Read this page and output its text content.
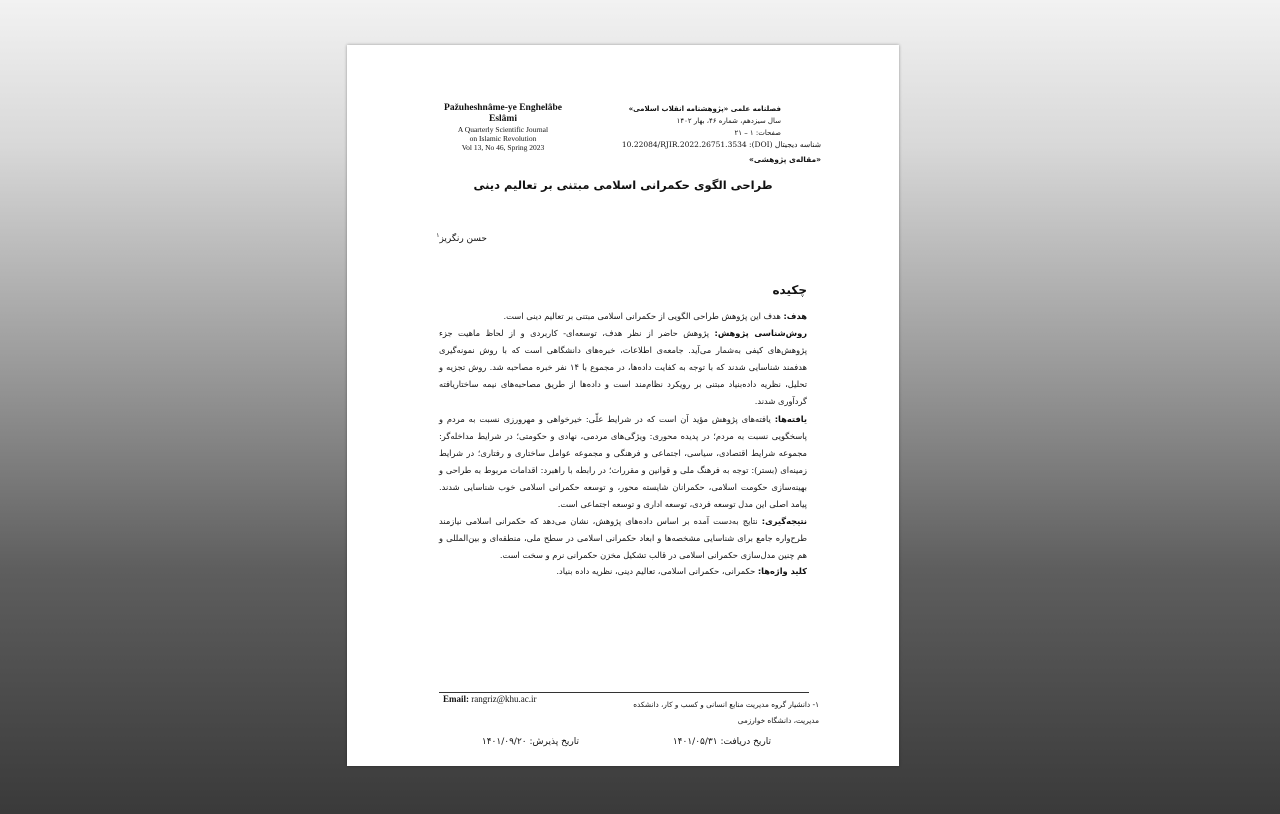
Pažuheshnâme-ye Enghelâbe Eslâmi
A Quarterly Scientific Journal
on Islamic Revolution
Vol 13, No 46, Spring 2023
فصلنامه علمی «پژوهشنامه انقلاب اسلامی»
سال سیزدهم، شماره ۴۶، بهار ۱۴۰۲
صفحات: ۱ – ۲۱
شناسه دیجیتال (DOI): 10.22084/RJIR.2022.26751.3534
«مقاله‌ی پژوهشی»
طراحی الگوی حکمرانی اسلامی مبتنی بر تعالیم دینی
حسن رنگریز$^۱$
چکیده

هدف: هدف این پژوهش طراحی الگویی از حکمرانی اسلامی مبتنی بر تعالیم دینی است.

روش‌شناسی پژوهش: پژوهش حاضر از نظر هدف، توسعه‌ای- کاربردی و از لحاظ ماهیت جزء پژوهش‌های کیفی به‌شمار می‌آید. جامعه‌ی اطلاعات، خبره‌های دانشگاهی است که با روش نمونه‌گیری هدفمند شناسایی شدند که با توجه به کفایت داده‌ها، در مجموع با ۱۴ نفر خبره مصاحبه شد. روش تجزیه و تحلیل، نظریه داده‌بنیاد مبتنی بر رویکرد نظام‌مند است و داده‌ها از طریق مصاحبه‌های نیمه ساختاریافته گردآوری شدند.

یافته‌ها: یافته‌های پژوهش مؤید آن است که در شرایط علّی: خیرخواهی و مهرورزی نسبت به مردم و پاسخگویی نسبت به مردم؛ در پدیده محوری: ویژگی‌های مردمی، نهادی و حکومتی؛ در شرایط مداخله‌گر: مجموعه شرایط اقتصادی، سیاسی، اجتماعی و فرهنگی و مجموعه عوامل ساختاری و رفتاری؛ در شرایط زمینه‌ای (بستر): توجه به فرهنگ ملی و قوانین و مقررات؛ در رابطه با راهبرد: اقدامات مربوط به طراحی و بهینه‌سازی حکومت اسلامی، حکمرانان شایسته محور، و توسعه حکمرانی اسلامی خوب شناسایی شدند. پیامد اصلی این مدل توسعه فردی، توسعه اداری و توسعه اجتماعی است.

نتیجه‌گیری: نتایج به‌دست آمده بر اساس داده‌های پژوهش، نشان می‌دهد که حکمرانی اسلامی نیازمند طرح‌واره جامع برای شناسایی مشخصه‌ها و ابعاد حکمرانی اسلامی در سطح ملی، منطقه‌ای و بین‌المللی و هم چنین مدل‌سازی حکمرانی اسلامی در قالب تشکیل مخزن حکمرانی نرم و سخت است.

کلید واژه‌ها: حکمرانی، حکمرانی اسلامی، تعالیم دینی، نظریه داده بنیاد.
Email: rangriz@khu.ac.ir
۱- دانشیار گروه مدیریت منابع انسانی و کسب و کار، دانشکده مدیریت، دانشگاه خوارزمی
تاریخ دریافت: ۱۴۰۱/۰۵/۳۱
تاریخ پذیرش: ۱۴۰۱/۰۹/۲۰
